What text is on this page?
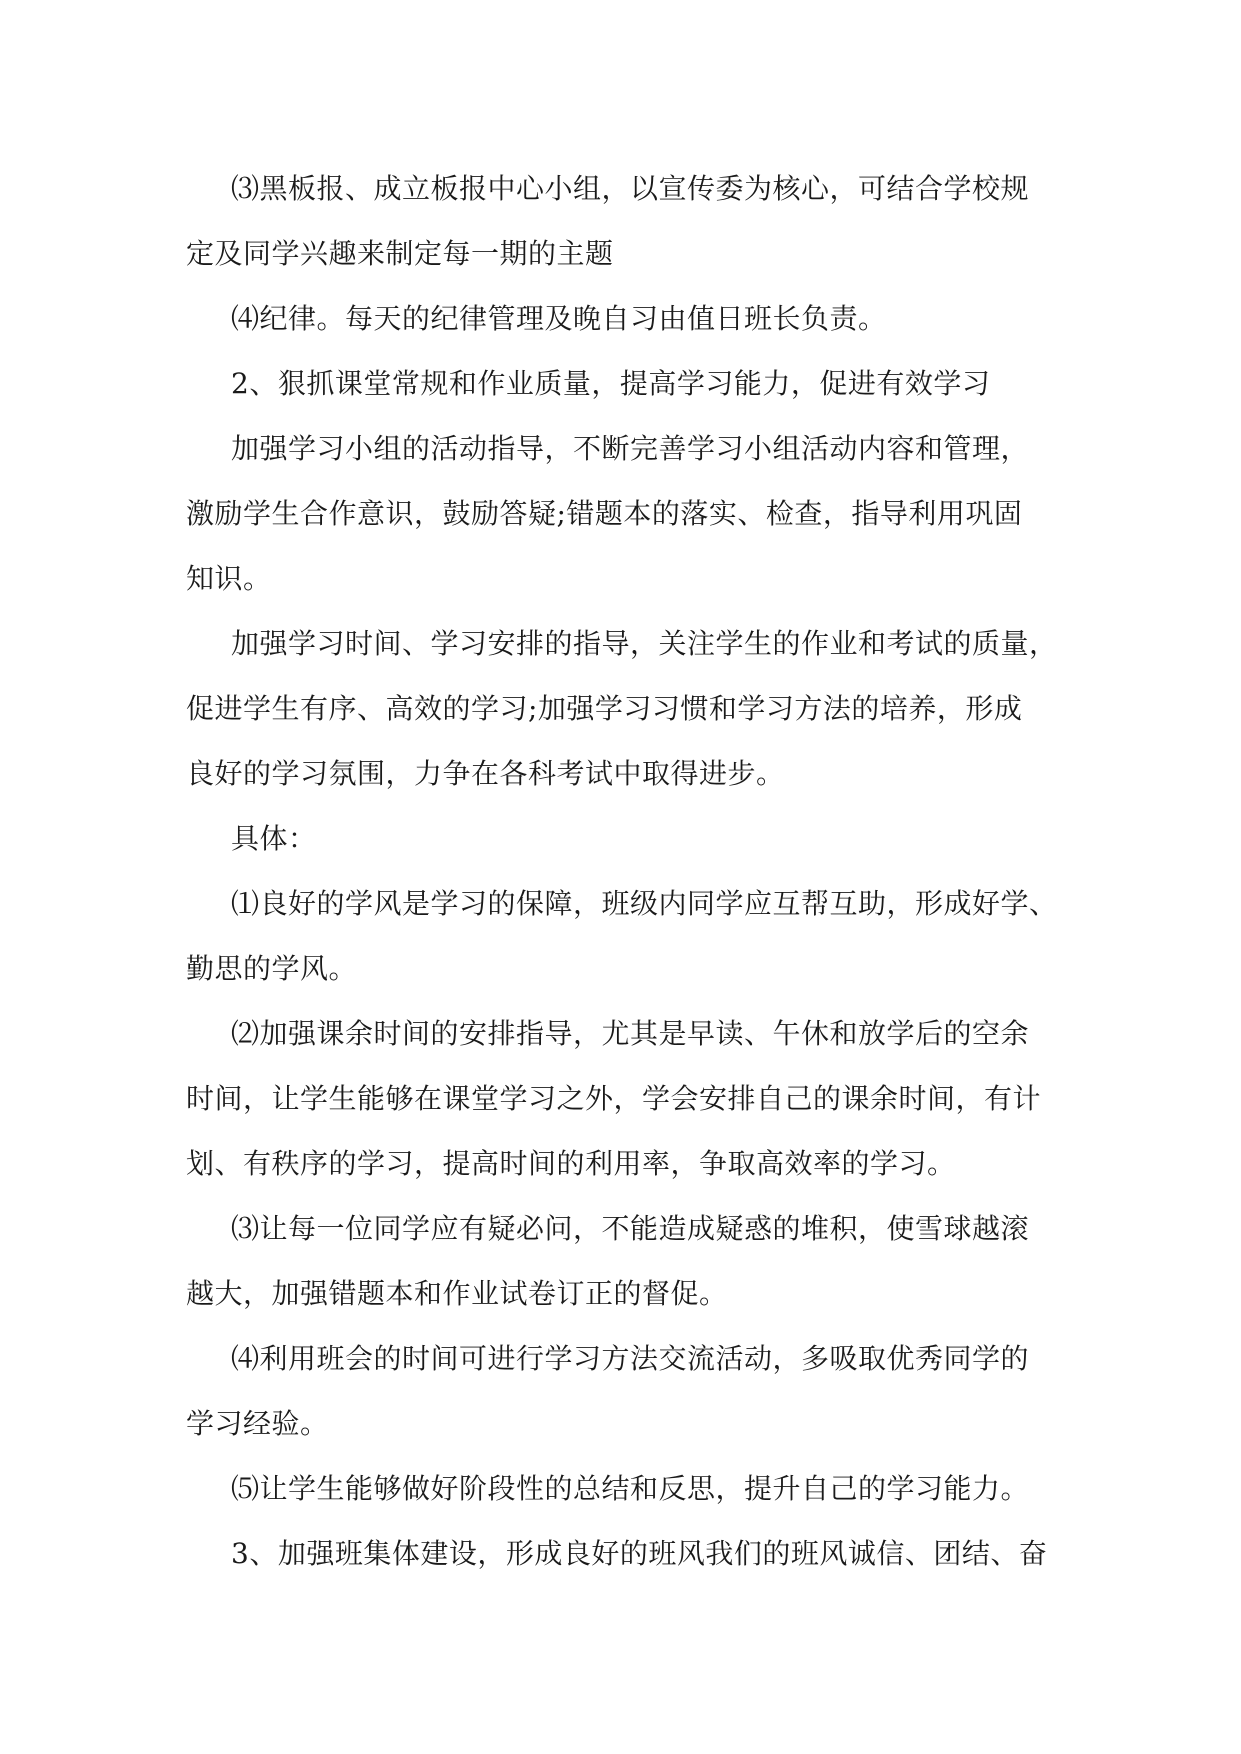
⑶黑板报、成立板报中心小组，以宣传委为核心，可结合学校规
定及同学兴趣来制定每一期的主题
⑷纪律。每天的纪律管理及晚自习由值日班长负责。
2、狠抓课堂常规和作业质量，提高学习能力，促进有效学习
加强学习小组的活动指导，不断完善学习小组活动内容和管理，
激励学生合作意识，鼓励答疑;错题本的落实、检查，指导利用巩固
知识。
加强学习时间、学习安排的指导，关注学生的作业和考试的质量，
促进学生有序、高效的学习;加强学习习惯和学习方法的培养，形成
良好的学习氛围，力争在各科考试中取得进步。
具体：
⑴良好的学风是学习的保障，班级内同学应互帮互助，形成好学、
勤思的学风。
⑵加强课余时间的安排指导，尤其是早读、午休和放学后的空余
时间，让学生能够在课堂学习之外，学会安排自己的课余时间，有计
划、有秩序的学习，提高时间的利用率，争取高效率的学习。
⑶让每一位同学应有疑必问，不能造成疑惑的堆积，使雪球越滚
越大，加强错题本和作业试卷订正的督促。
⑷利用班会的时间可进行学习方法交流活动，多吸取优秀同学的
学习经验。
⑸让学生能够做好阶段性的总结和反思，提升自己的学习能力。
3、加强班集体建设，形成良好的班风我们的班风诚信、团结、奋
